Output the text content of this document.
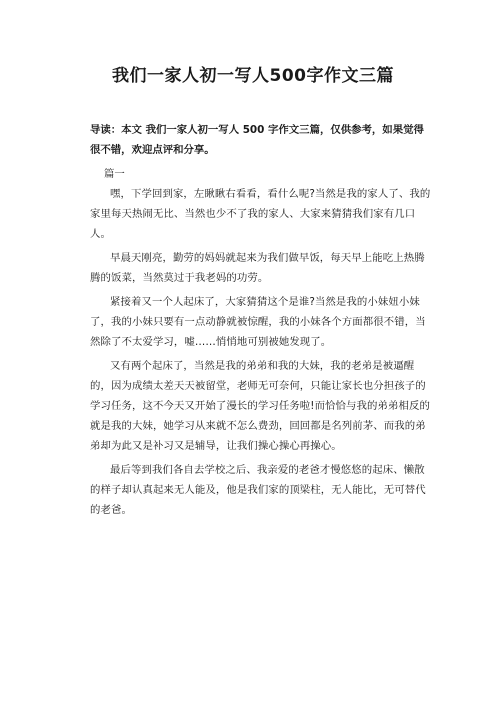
我们一家人初一写人500字作文三篇
导读：本文 我们一家人初一写人 500 字作文三篇，仅供参考，如果觉得很不错，欢迎点评和分享。
篇一

嘿，下学回到家，左瞅瞅右看看，看什么呢?当然是我的家人了、我的家里每天热闹无比、当然也少不了我的家人、大家来猜猜我们家有几口人。

早晨天刚亮，勤劳的妈妈就起来为我们做早饭，每天早上能吃上热腾腾的饭菜，当然莫过于我老妈的功劳。

紧接着又一个人起床了，大家猜猜这个是谁?当然是我的小妹妞小妹了，我的小妹只要有一点动静就被惊醒，我的小妹各个方面都很不错，当然除了不太爱学习，嘘……悄悄地可别被她发现了。

又有两个起床了，当然是我的弟弟和我的大妹，我的老弟是被逼醒的，因为成绩太差天天被留堂，老师无可奈何，只能让家长也分担孩子的学习任务，这不今天又开始了漫长的学习任务啦!而恰恰与我的弟弟相反的就是我的大妹，她学习从来就不怎么费劲，回回都是名列前茅、而我的弟弟却为此又是补习又是辅导，让我们操心操心再操心。

最后等到我们各自去学校之后、我亲爱的老爸才慢悠悠的起床、懒散的样子却认真起来无人能及，他是我们家的顶梁柱，无人能比，无可替代的老爸。
